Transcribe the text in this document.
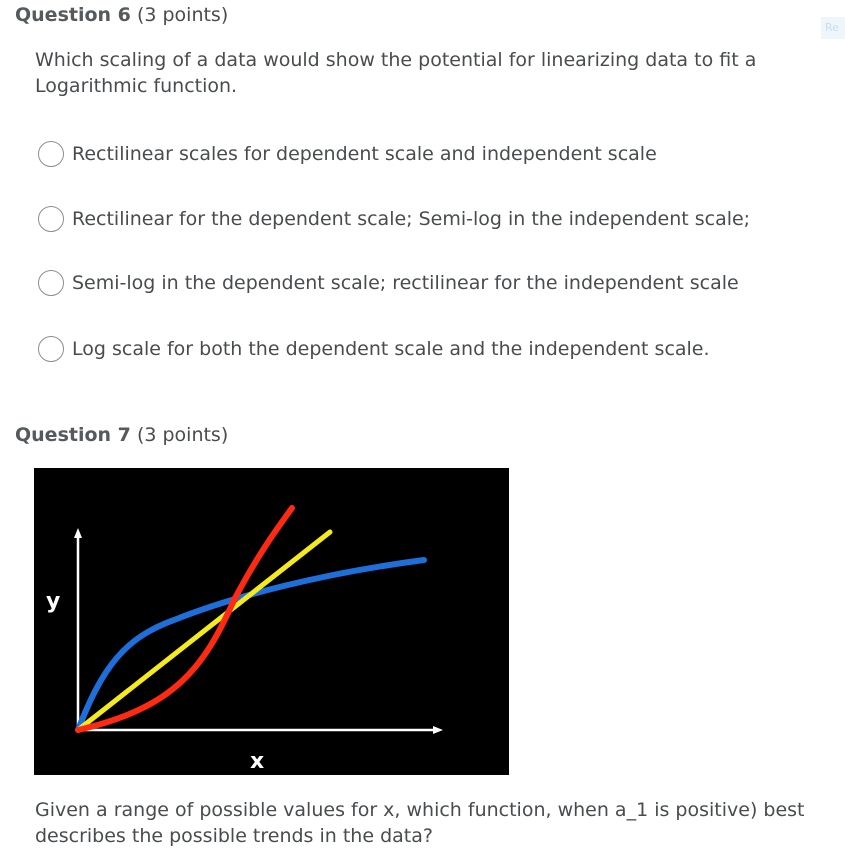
Question 6 (3 points)
Re

Which scaling of a data would show the potential for linearizing data to fit a Logarithmic function.

Rectilinear scales for dependent scale and independent scale
Rectilinear for the dependent scale; Semi-log in the independent scale;
Semi-log in the dependent scale; rectilinear for the independent scale
Log scale for both the dependent scale and the independent scale.
Question 7 (3 points)
y
x

Given a range of possible values for x, which function, when a_1 is positive) best describes the possible trends in the data?
